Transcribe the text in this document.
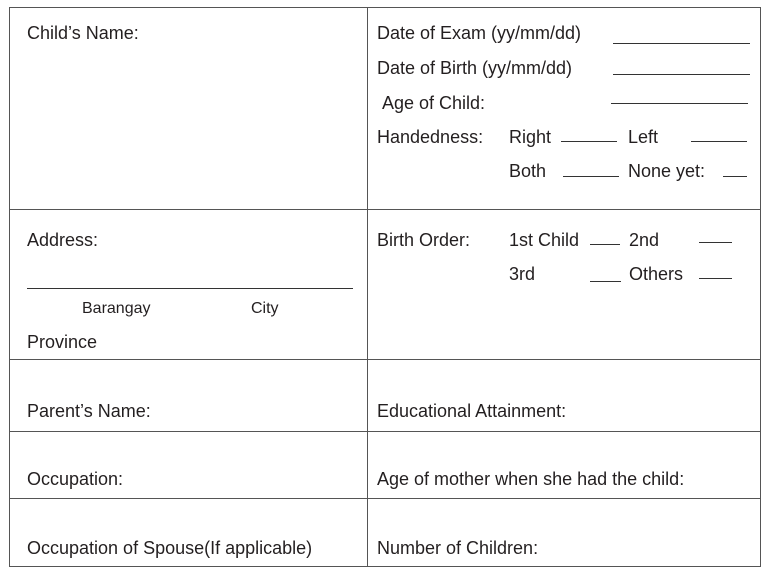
Child’s Name:	Date of Exam (yy/mm/dd)
Date of Birth (yy/mm/dd)
Age of Child:
Handedness: Right	Left
Both	None yet:
Address:
Barangay	City
Province
Birth Order: 1st Child	2nd
3rd	Others
Parent’s Name:	Educational Attainment:
Occupation:	Age of mother when she had the child:
Occupation of Spouse(If applicable)	Number of Children:
